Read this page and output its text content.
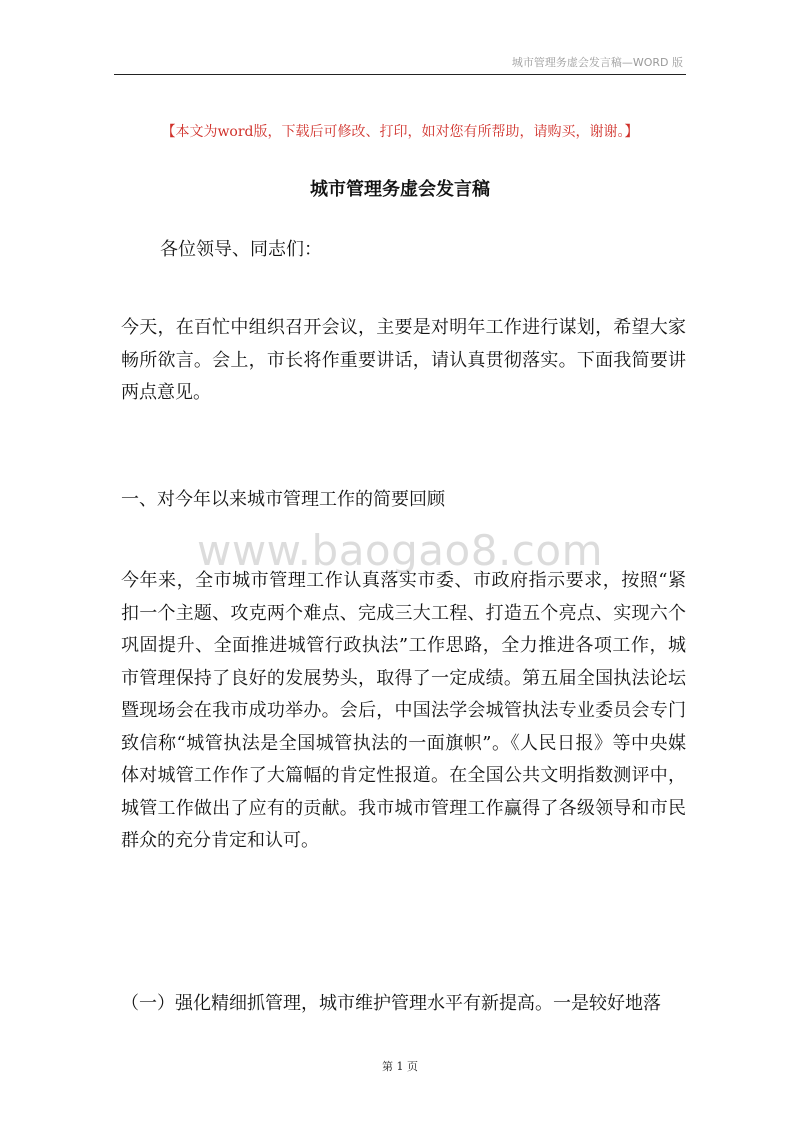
城市管理务虚会发言稿—WORD 版
【本文为word版，下载后可修改、打印，如对您有所帮助，请购买，谢谢。】
城市管理务虚会发言稿

各位领导、同志们：

今天，在百忙中组织召开会议，主要是对明年工作进行谋划，希望大家畅所欲言。会上，市长将作重要讲话，请认真贯彻落实。下面我简要讲两点意见。

一、对今年以来城市管理工作的简要回顾

www.baogao8.com

今年来，全市城市管理工作认真落实市委、市政府指示要求，按照“紧扣一个主题、攻克两个难点、完成三大工程、打造五个亮点、实现六个巩固提升、全面推进城管行政执法”工作思路，全力推进各项工作，城市管理保持了良好的发展势头，取得了一定成绩。第五届全国执法论坛暨现场会在我市成功举办。会后，中国法学会城管执法专业委员会专门致信称“城管执法是全国城管执法的一面旗帜”。《人民日报》等中央媒体对城管工作作了大篇幅的肯定性报道。在全国公共文明指数测评中，城管工作做出了应有的贡献。我市城市管理工作赢得了各级领导和市民群众的充分肯定和认可。

（一）强化精细抓管理，城市维护管理水平有新提高。一是较好地落

第 1 页
